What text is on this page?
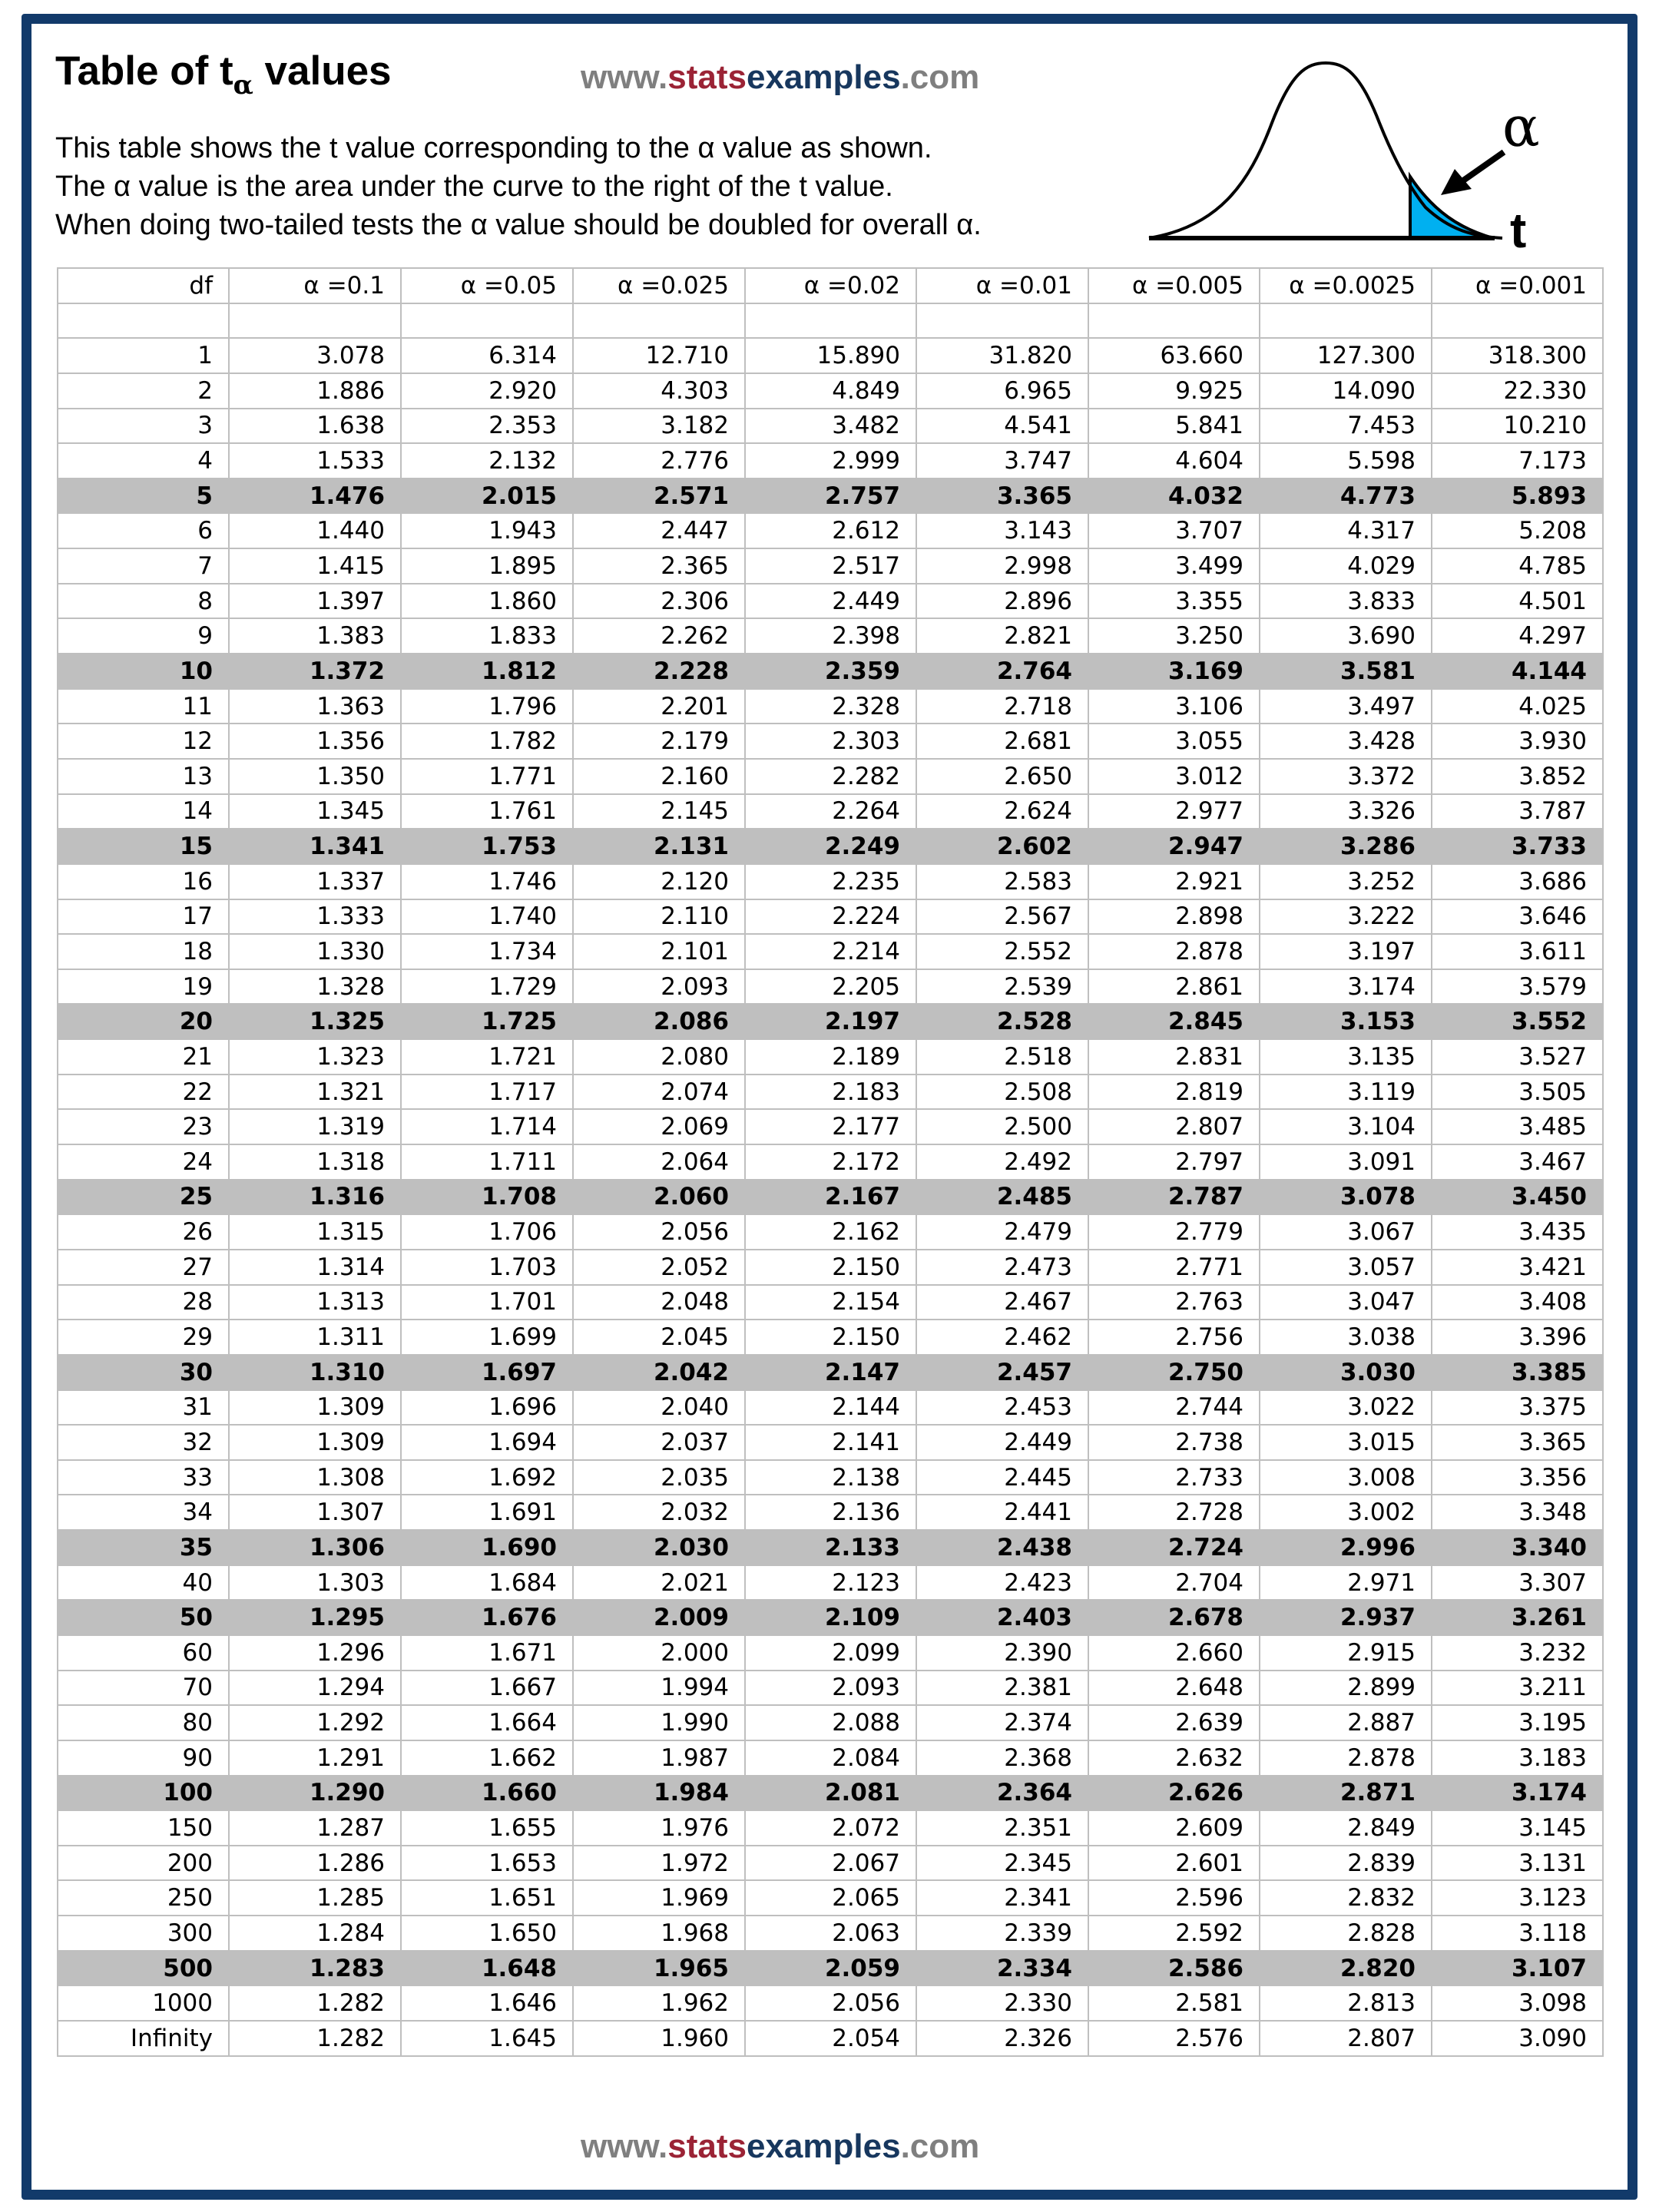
Table of $t_\alpha$ values	www.statsexamples.com
This table shows the t value corresponding to the α value as shown.
The α value is the area under the curve to the right of the t value.
When doing two-tailed tests the α value should be doubled for overall α.
α
t
df	α =0.1	α =0.05	α =0.025	α =0.02	α =0.01	α =0.005	α =0.0025	α =0.001

1	3.078	6.314	12.710	15.890	31.820	63.660	127.300	318.300
2	1.886	2.920	4.303	4.849	6.965	9.925	14.090	22.330
3	1.638	2.353	3.182	3.482	4.541	5.841	7.453	10.210
4	1.533	2.132	2.776	2.999	3.747	4.604	5.598	7.173
5	1.476	2.015	2.571	2.757	3.365	4.032	4.773	5.893
6	1.440	1.943	2.447	2.612	3.143	3.707	4.317	5.208
7	1.415	1.895	2.365	2.517	2.998	3.499	4.029	4.785
8	1.397	1.860	2.306	2.449	2.896	3.355	3.833	4.501
9	1.383	1.833	2.262	2.398	2.821	3.250	3.690	4.297
10	1.372	1.812	2.228	2.359	2.764	3.169	3.581	4.144
11	1.363	1.796	2.201	2.328	2.718	3.106	3.497	4.025
12	1.356	1.782	2.179	2.303	2.681	3.055	3.428	3.930
13	1.350	1.771	2.160	2.282	2.650	3.012	3.372	3.852
14	1.345	1.761	2.145	2.264	2.624	2.977	3.326	3.787
15	1.341	1.753	2.131	2.249	2.602	2.947	3.286	3.733
16	1.337	1.746	2.120	2.235	2.583	2.921	3.252	3.686
17	1.333	1.740	2.110	2.224	2.567	2.898	3.222	3.646
18	1.330	1.734	2.101	2.214	2.552	2.878	3.197	3.611
19	1.328	1.729	2.093	2.205	2.539	2.861	3.174	3.579
20	1.325	1.725	2.086	2.197	2.528	2.845	3.153	3.552
21	1.323	1.721	2.080	2.189	2.518	2.831	3.135	3.527
22	1.321	1.717	2.074	2.183	2.508	2.819	3.119	3.505
23	1.319	1.714	2.069	2.177	2.500	2.807	3.104	3.485
24	1.318	1.711	2.064	2.172	2.492	2.797	3.091	3.467
25	1.316	1.708	2.060	2.167	2.485	2.787	3.078	3.450
26	1.315	1.706	2.056	2.162	2.479	2.779	3.067	3.435
27	1.314	1.703	2.052	2.150	2.473	2.771	3.057	3.421
28	1.313	1.701	2.048	2.154	2.467	2.763	3.047	3.408
29	1.311	1.699	2.045	2.150	2.462	2.756	3.038	3.396
30	1.310	1.697	2.042	2.147	2.457	2.750	3.030	3.385
31	1.309	1.696	2.040	2.144	2.453	2.744	3.022	3.375
32	1.309	1.694	2.037	2.141	2.449	2.738	3.015	3.365
33	1.308	1.692	2.035	2.138	2.445	2.733	3.008	3.356
34	1.307	1.691	2.032	2.136	2.441	2.728	3.002	3.348
35	1.306	1.690	2.030	2.133	2.438	2.724	2.996	3.340
40	1.303	1.684	2.021	2.123	2.423	2.704	2.971	3.307
50	1.295	1.676	2.009	2.109	2.403	2.678	2.937	3.261
60	1.296	1.671	2.000	2.099	2.390	2.660	2.915	3.232
70	1.294	1.667	1.994	2.093	2.381	2.648	2.899	3.211
80	1.292	1.664	1.990	2.088	2.374	2.639	2.887	3.195
90	1.291	1.662	1.987	2.084	2.368	2.632	2.878	3.183
100	1.290	1.660	1.984	2.081	2.364	2.626	2.871	3.174
150	1.287	1.655	1.976	2.072	2.351	2.609	2.849	3.145
200	1.286	1.653	1.972	2.067	2.345	2.601	2.839	3.131
250	1.285	1.651	1.969	2.065	2.341	2.596	2.832	3.123
300	1.284	1.650	1.968	2.063	2.339	2.592	2.828	3.118
500	1.283	1.648	1.965	2.059	2.334	2.586	2.820	3.107
1000	1.282	1.646	1.962	2.056	2.330	2.581	2.813	3.098
Infinity	1.282	1.645	1.960	2.054	2.326	2.576	2.807	3.090
www.statsexamples.com
